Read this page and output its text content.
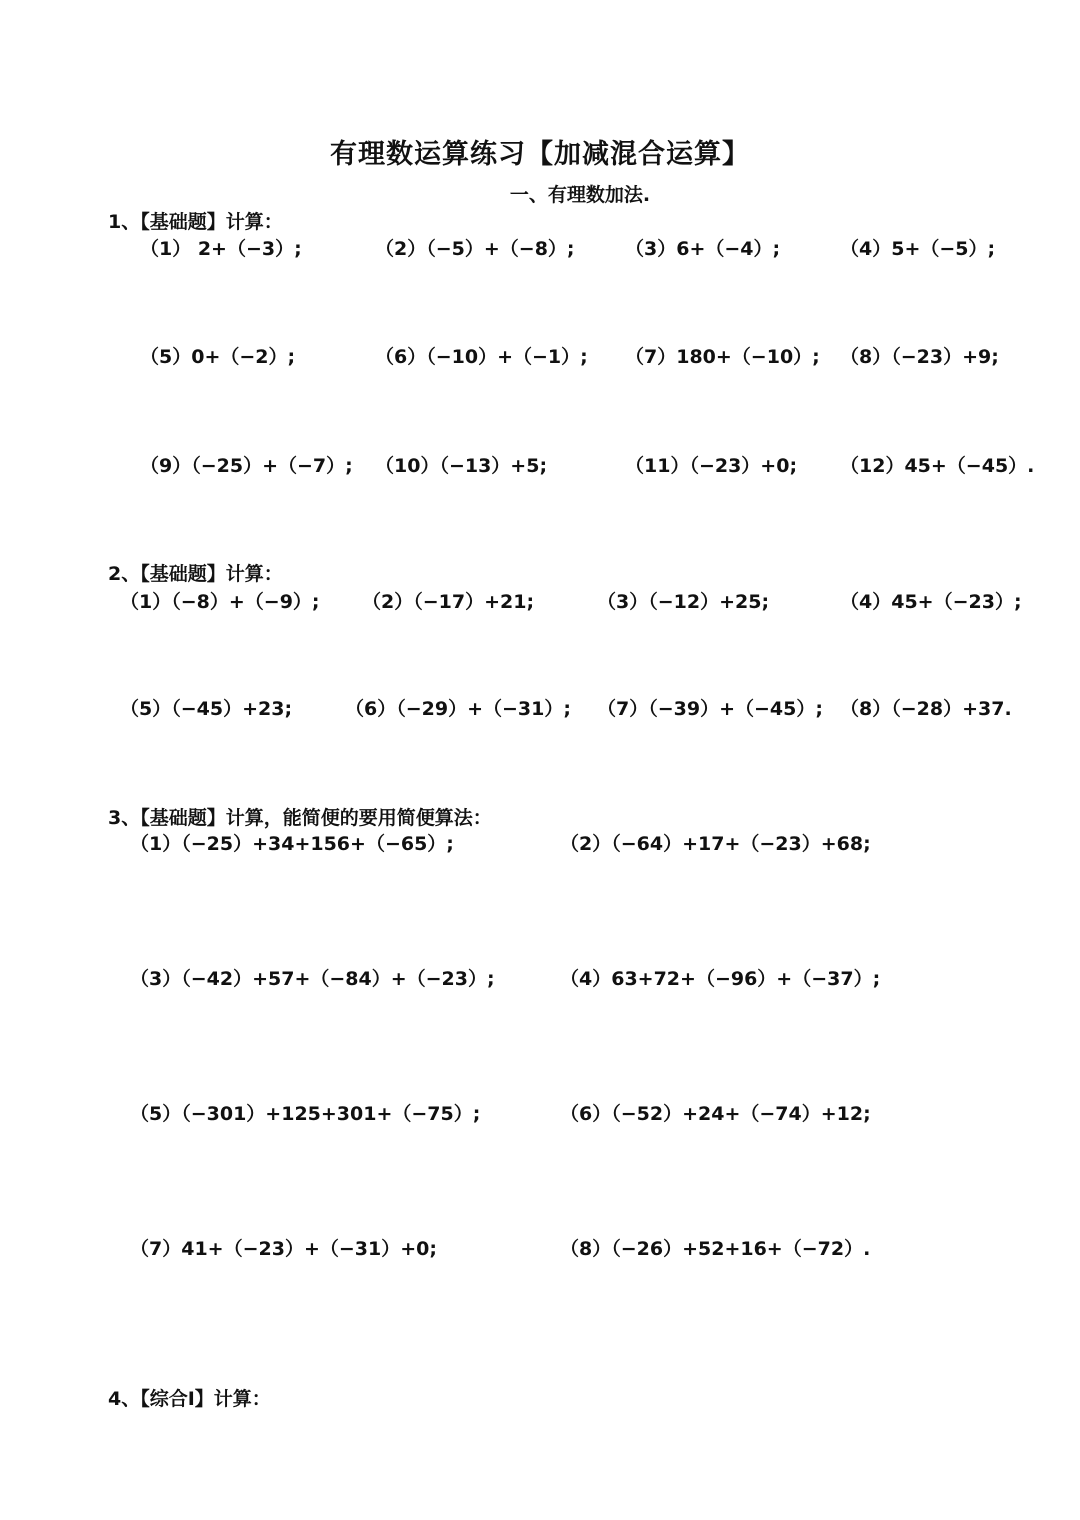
有理数运算练习【加减混合运算】
一、有理数加法.
1、【基础题】计算：
（1） 2+（−3）;	（2）（−5）+（−8）;	（3）6+（−4）;	（4）5+（−5）;
（5）0+（−2）;	（6）（−10）+（−1）; （7）180+（−10）; （8）（−23）+9;
（9）（−25）+（−7）; （10）（−13）+5;	（11）（−23）+0; （12）45+（−45）.
2、【基础题】计算：
（1）（−8）+（−9）; （2）（−17）+21;	（3）（−12）+25;	（4）45+（−23）;
（5）（−45）+23;	（6）（−29）+（−31）; （7）（−39）+（−45）; （8）（−28）+37.
3、【基础题】计算，能简便的要用简便算法：
（1）（−25）+34+156+（−65）;	（2）（−64）+17+（−23）+68;
（3）（−42）+57+（−84）+（−23）;	（4）63+72+（−96）+（−37）;
（5）（−301）+125+301+（−75）;	（6）（−52）+24+（−74）+12;
（7）41+（−23）+（−31）+0;	（8）（−26）+52+16+（−72）.
4、【综合Ⅰ】计算：
